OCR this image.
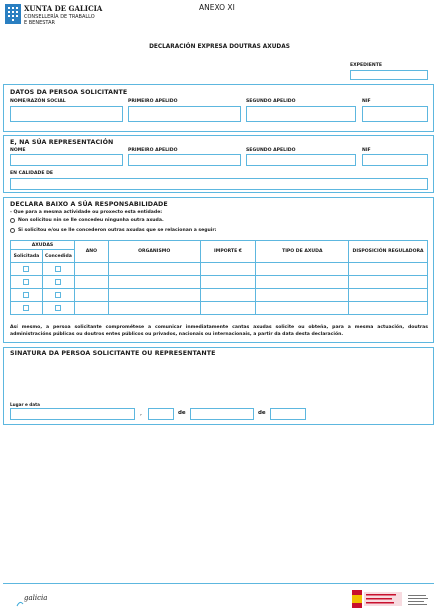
XUNTA DE GALICIA
CONSELLERÍA DE TRABALLO
E BENESTAR
ANEXO XI
DECLARACIÓN EXPRESA DOUTRAS AXUDAS
EXPEDIENTE
DATOS DA PERSOA SOLICITANTE
NOME/RAZÓN SOCIAL	PRIMEIRO APELIDO	SEGUNDO APELIDO	NIF
E, NA SÚA REPRESENTACIÓN
NOME	PRIMEIRO APELIDO	SEGUNDO APELIDO	NIF
EN CALIDADE DE
DECLARA BAIXO A SÚA RESPONSABILIDADE
- Que para a mesma actividade ou proxecto esta entidade:
Non solicitou nin se lle concedeu ningunha outra axuda.
Si solicitou e/ou se lle concederon outras axudas que se relacionan a seguir:
AXUDAS		ANO	ORGANISMO	IMPORTE €	TIPO DE AXUDA	DISPOSICIÓN REGULADORA
Solicitada	Concedida					

Así mesmo, a persoa solicitante comprométese a comunicar inmediatamente cantas axudas solicite ou obteña, para a mesma actuación, doutras administracións públicas ou doutros entes públicos ou privados, nacionais ou internacionais, a partir da data desta declaración.
SINATURA DA PERSOA SOLICITANTE OU REPRESENTANTE
Lugar e data
,	de	de
galicia
